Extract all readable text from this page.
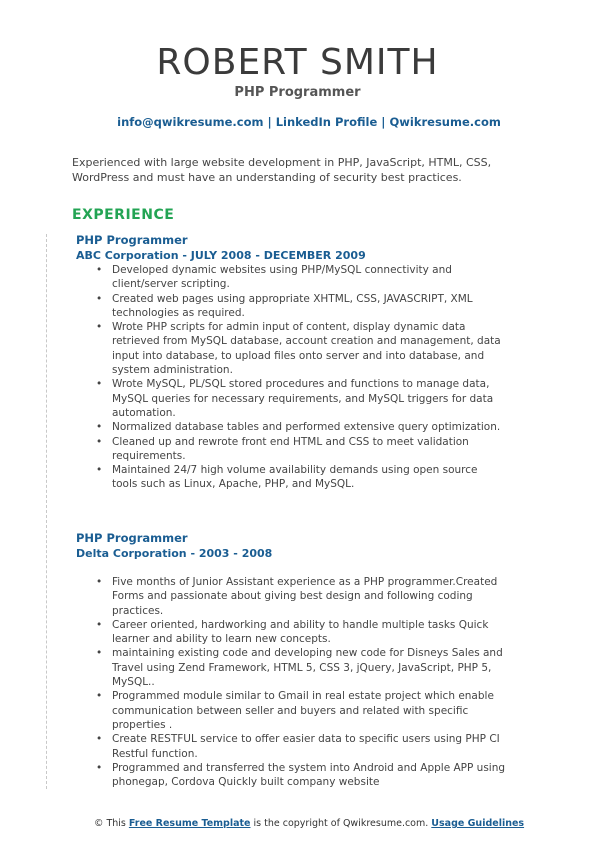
ROBERT SMITH
PHP Programmer
info@qwikresume.com | LinkedIn Profile | Qwikresume.com
Experienced with large website development in PHP, JavaScript, HTML, CSS, WordPress and must have an understanding of security best practices.
EXPERIENCE
PHP Programmer
ABC Corporation - JULY 2008 - DECEMBER 2009
• Developed dynamic websites using PHP/MySQL connectivity and client/server scripting.
• Created web pages using appropriate XHTML, CSS, JAVASCRIPT, XML technologies as required.
• Wrote PHP scripts for admin input of content, display dynamic data retrieved from MySQL database, account creation and management, data input into database, to upload files onto server and into database, and system administration.
• Wrote MySQL, PL/SQL stored procedures and functions to manage data, MySQL queries for necessary requirements, and MySQL triggers for data automation.
• Normalized database tables and performed extensive query optimization.
• Cleaned up and rewrote front end HTML and CSS to meet validation requirements.
• Maintained 24/7 high volume availability demands using open source tools such as Linux, Apache, PHP, and MySQL.
PHP Programmer
Delta Corporation - 2003 - 2008
• Five months of Junior Assistant experience as a PHP programmer.Created Forms and passionate about giving best design and following coding practices.
• Career oriented, hardworking and ability to handle multiple tasks Quick learner and ability to learn new concepts.
• maintaining existing code and developing new code for Disneys Sales and Travel using Zend Framework, HTML 5, CSS 3, jQuery, JavaScript, PHP 5, MySQL..
• Programmed module similar to Gmail in real estate project which enable communication between seller and buyers and related with specific properties .
• Create RESTFUL service to offer easier data to specific users using PHP CI Restful function.
• Programmed and transferred the system into Android and Apple APP using phonegap, Cordova Quickly built company website
© This Free Resume Template is the copyright of Qwikresume.com. Usage Guidelines
